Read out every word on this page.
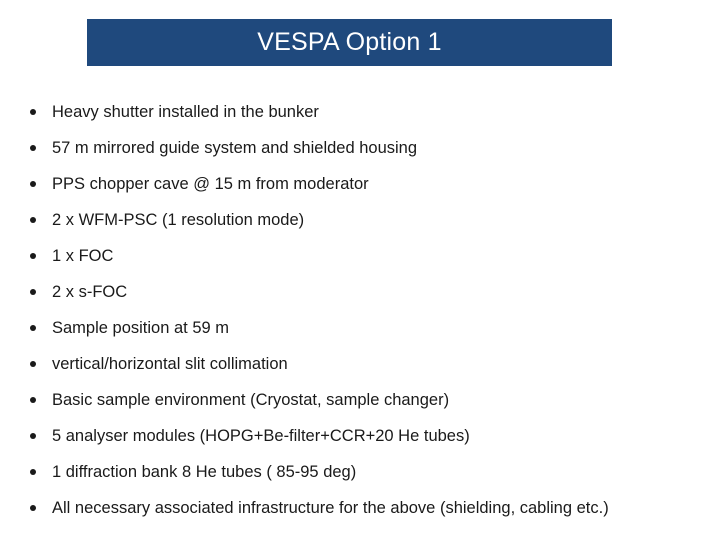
VESPA Option 1
Heavy shutter installed in the bunker
57 m mirrored guide system and shielded housing
PPS chopper cave @ 15 m from moderator
2 x WFM-PSC (1 resolution mode)
1 x FOC
2 x s-FOC
Sample position at 59 m
vertical/horizontal slit collimation
Basic sample environment (Cryostat, sample changer)
5 analyser modules (HOPG+Be-filter+CCR+20 He tubes)
1 diffraction bank 8 He tubes ( 85-95 deg)
All necessary associated infrastructure for the above (shielding, cabling etc.)
